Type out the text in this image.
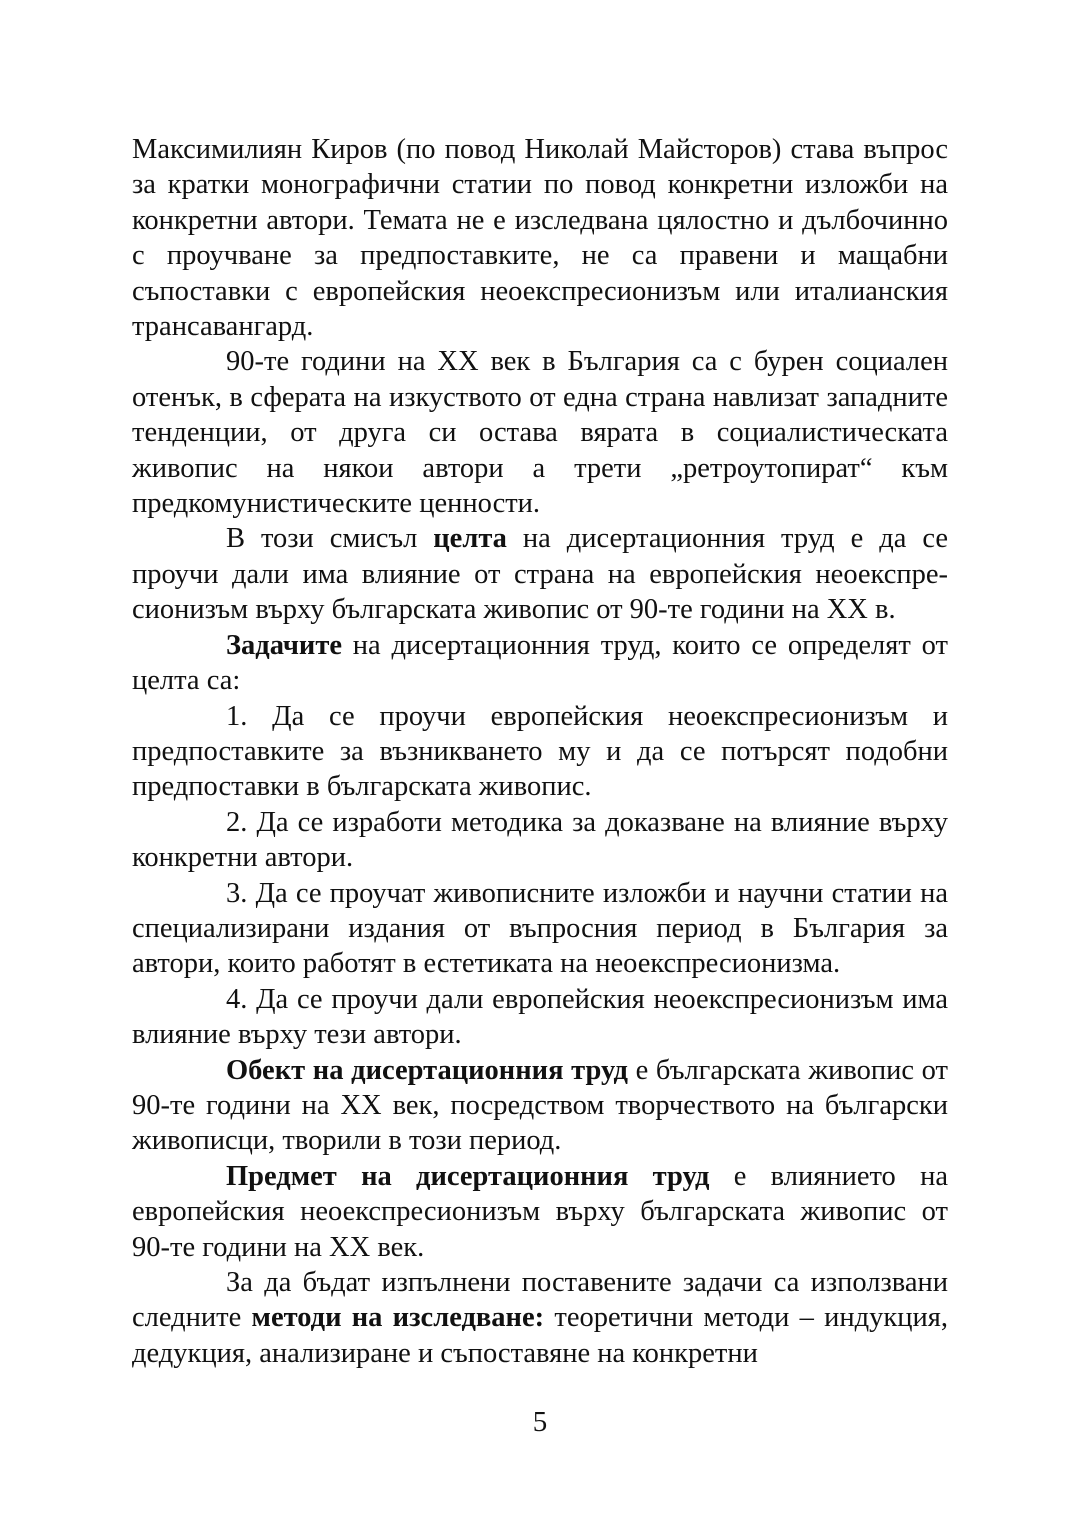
Максимилиян Киров (по повод Николай Майсторов) става въпрос за кратки монографични статии по повод конкретни изложби на конкретни автори. Темата не е изследвана цялостно и дълбочинно с проучване за предпоставките, не са правени и мащабни съпоставки с европейския неоекспресионизъм или италианския трансавангард.

90-те години на XX век в България са с бурен социален отенък, в сферата на изкуството от една страна навлизат западните тенденции, от друга си остава вярата в социалистическата живопис на някои автори а трети „ретроутопират“ към предкомунистическите ценности.

В този смисъл целта на дисертационния труд е да се проучи дали има влияние от страна на европейския неоекспресионизъм върху българската живопис от 90-те години на XX в.

Задачите на дисертационния труд, които се определят от целта са:

1. Да се проучи европейския неоекспресионизъм и предпоставките за възникването му и да се потърсят подобни предпоставки в българската живопис.

2. Да се изработи методика за доказване на влияние върху конкретни автори.

3. Да се проучат живописните изложби и научни статии на специализирани издания от въпросния период в България за автори, които работят в естетиката на неоекспресионизма.

4. Да се проучи дали европейския неоекспресионизъм има влияние върху тези автори.

Обект на дисертационния труд е българската живопис от 90-те години на XX век, посредством творчеството на български живописци, творили в този период.

Предмет на дисертационния труд е влиянието на европейския неоекспресионизъм върху българската живопис от 90-те години на XX век.

За да бъдат изпълнени поставените задачи са използвани следните методи на изследване: теоретични методи – индукция, дедукция, анализиране и съпоставяне на конкретни

5
